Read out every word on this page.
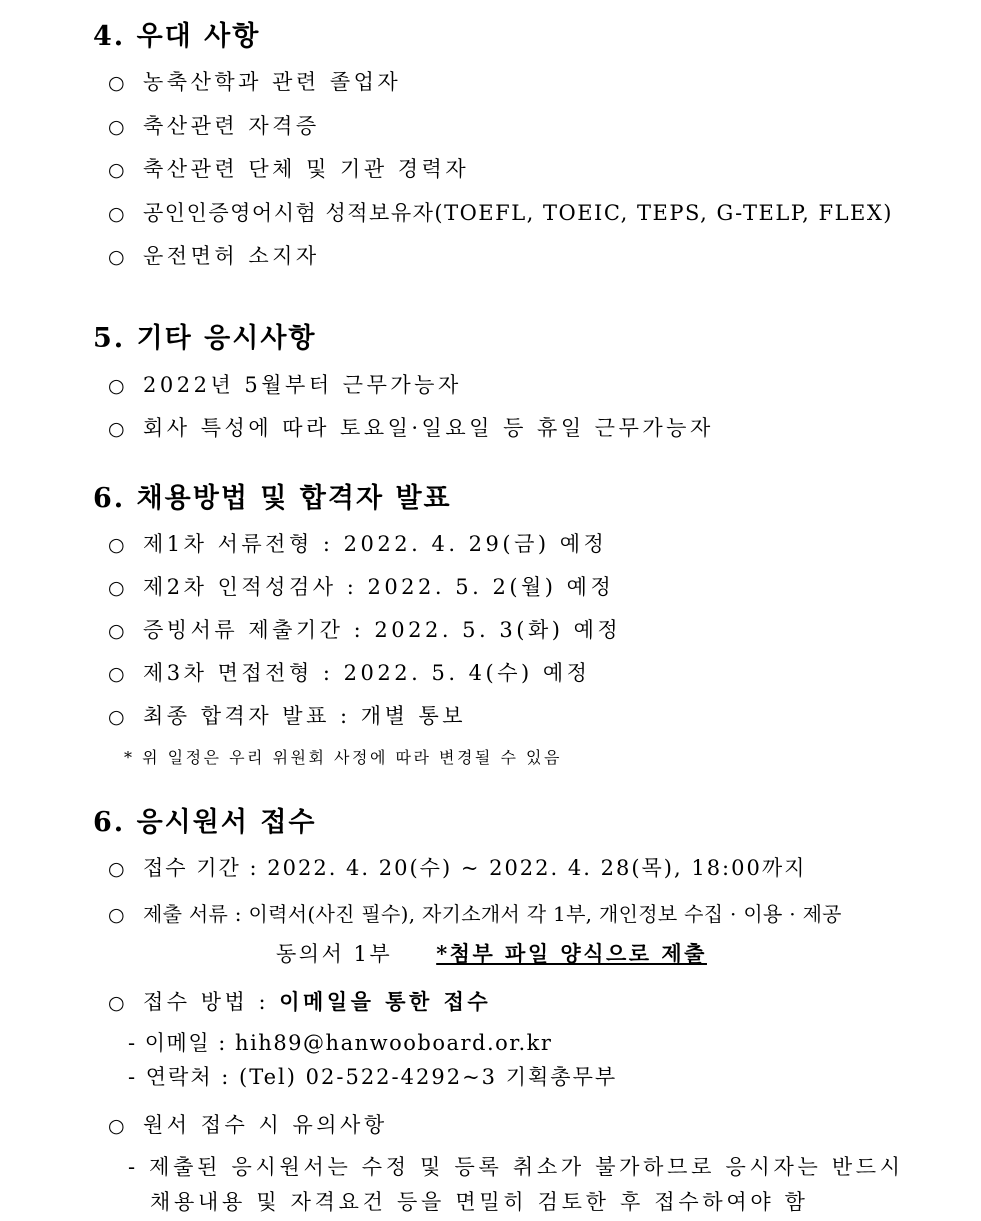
4. 우대 사항
○ 농축산학과 관련 졸업자
○ 축산관련 자격증
○ 축산관련 단체 및 기관 경력자
○ 공인인증영어시험 성적보유자(TOEFL, TOEIC, TEPS, G-TELP, FLEX)
○ 운전면허 소지자
5. 기타 응시사항
○ 2022년 5월부터 근무가능자
○ 회사 특성에 따라 토요일·일요일 등 휴일 근무가능자
6. 채용방법 및 합격자 발표
○ 제1차 서류전형 : 2022. 4. 29(금) 예정
○ 제2차 인적성검사 : 2022. 5. 2(월) 예정
○ 증빙서류 제출기간 : 2022. 5. 3(화) 예정
○ 제3차 면접전형 : 2022. 5. 4(수) 예정
○ 최종 합격자 발표 : 개별 통보
* 위 일정은 우리 위원회 사정에 따라 변경될 수 있음
6. 응시원서 접수
○ 접수 기간 : 2022. 4. 20(수) ~ 2022. 4. 28(목), 18:00까지
○ 제출 서류 : 이력서(사진 필수), 자기소개서 각 1부, 개인정보 수집 · 이용 · 제공
동의서 1부 *첨부 파일 양식으로 제출
○ 접수 방법 : 이메일을 통한 접수
- 이메일 : hih89@hanwooboard.or.kr
- 연락처 : (Tel) 02-522-4292~3 기획총무부
○ 원서 접수 시 유의사항
- 제출된 응시원서는 수정 및 등록 취소가 불가하므로 응시자는 반드시
채용내용 및 자격요건 등을 면밀히 검토한 후 접수하여야 함
